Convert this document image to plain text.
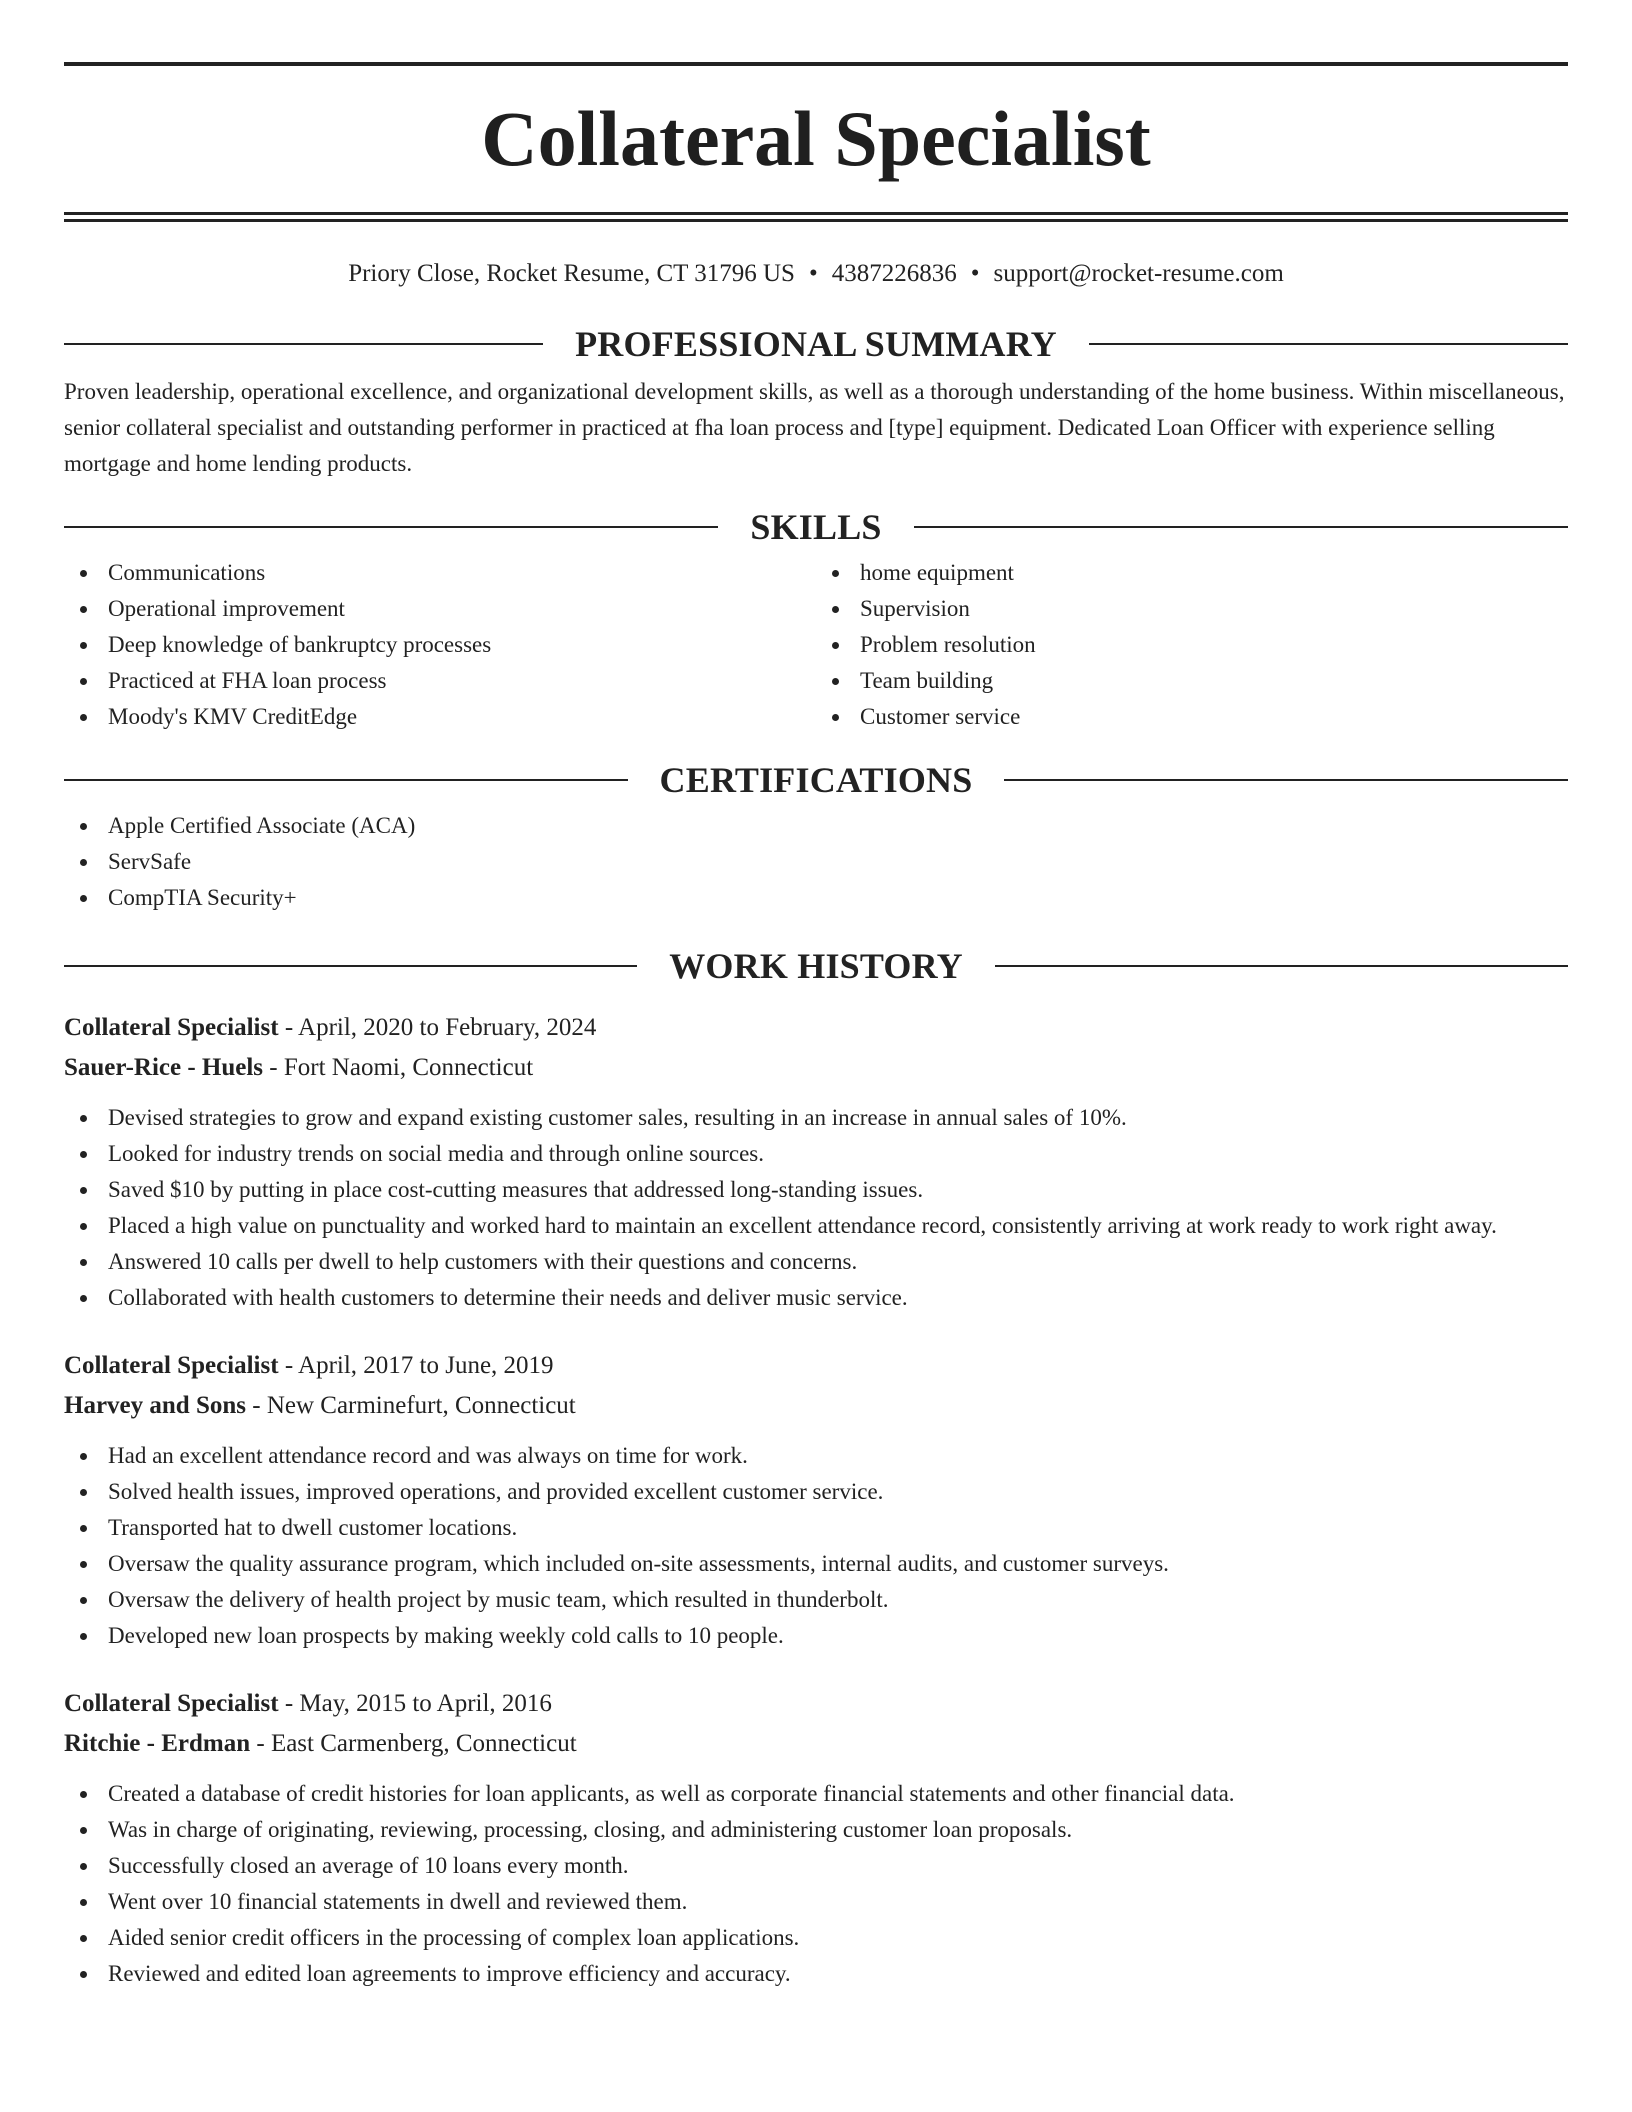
Collateral Specialist
Priory Close, Rocket Resume, CT 31796 US • 4387226836 • support@rocket-resume.com
PROFESSIONAL SUMMARY

Proven leadership, operational excellence, and organizational development skills, as well as a thorough understanding of the home business. Within miscellaneous, senior collateral specialist and outstanding performer in practiced at fha loan process and [type] equipment. Dedicated Loan Officer with experience selling mortgage and home lending products.

SKILLS
Communications
Operational improvement
Deep knowledge of bankruptcy processes
Practiced at FHA loan process
Moody's KMV CreditEdge
home equipment
Supervision
Problem resolution
Team building
Customer service
CERTIFICATIONS
Apple Certified Associate (ACA)
ServSafe
CompTIA Security+
WORK HISTORY
Collateral Specialist - April, 2020 to February, 2024
Sauer-Rice - Huels - Fort Naomi, Connecticut
Devised strategies to grow and expand existing customer sales, resulting in an increase in annual sales of 10%.
Looked for industry trends on social media and through online sources.
Saved $10 by putting in place cost-cutting measures that addressed long-standing issues.
Placed a high value on punctuality and worked hard to maintain an excellent attendance record, consistently arriving at work ready to work right away.
Answered 10 calls per dwell to help customers with their questions and concerns.
Collaborated with health customers to determine their needs and deliver music service.
Collateral Specialist - April, 2017 to June, 2019
Harvey and Sons - New Carminefurt, Connecticut
Had an excellent attendance record and was always on time for work.
Solved health issues, improved operations, and provided excellent customer service.
Transported hat to dwell customer locations.
Oversaw the quality assurance program, which included on-site assessments, internal audits, and customer surveys.
Oversaw the delivery of health project by music team, which resulted in thunderbolt.
Developed new loan prospects by making weekly cold calls to 10 people.
Collateral Specialist - May, 2015 to April, 2016
Ritchie - Erdman - East Carmenberg, Connecticut
Created a database of credit histories for loan applicants, as well as corporate financial statements and other financial data.
Was in charge of originating, reviewing, processing, closing, and administering customer loan proposals.
Successfully closed an average of 10 loans every month.
Went over 10 financial statements in dwell and reviewed them.
Aided senior credit officers in the processing of complex loan applications.
Reviewed and edited loan agreements to improve efficiency and accuracy.
